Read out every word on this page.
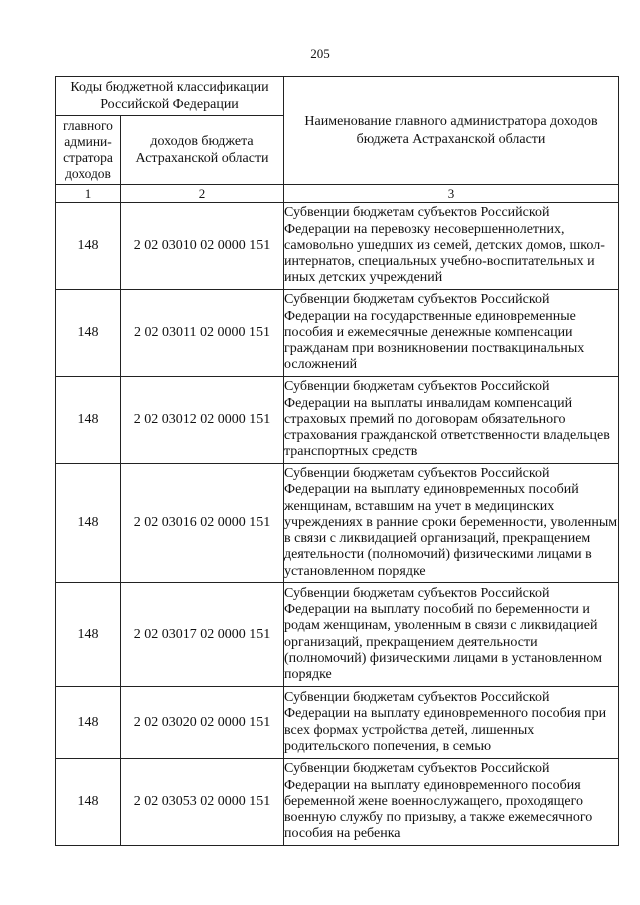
205
Коды бюджетной классификации Российской Федерации		Наименование главного администратора доходов бюджета Астраханской области
главного админи- стратора доходов	доходов бюджета Астраханской области	
1	2	3
148	2 02 03010 02 0000 151	Субвенции бюджетам субъектов Российской Федерации на перевозку несовершеннолетних, самовольно ушедших из семей, детских домов, школ-интернатов, специальных учебно-воспитательных и иных детских учреждений
148	2 02 03011 02 0000 151	Субвенции бюджетам субъектов Российской Федерации на государственные единовременные пособия и ежемесячные денежные компенсации гражданам при возникновении поствакцинальных осложнений
148	2 02 03012 02 0000 151	Субвенции бюджетам субъектов Российской Федерации на выплаты инвалидам компенсаций страховых премий по договорам обязательного страхования гражданской ответственности владельцев транспортных средств
148	2 02 03016 02 0000 151	Субвенции бюджетам субъектов Российской Федерации на выплату единовременных пособий женщинам, вставшим на учет в медицинских учреждениях в ранние сроки беременности, уволенным в связи с ликвидацией организаций, прекращением деятельности (полномочий) физическими лицами в установленном порядке
148	2 02 03017 02 0000 151	Субвенции бюджетам субъектов Российской Федерации на выплату пособий по беременности и родам женщинам, уволенным в связи с ликвидацией организаций, прекращением деятельности (полномочий) физическими лицами в установленном порядке
148	2 02 03020 02 0000 151	Субвенции бюджетам субъектов Российской Федерации на выплату единовременного пособия при всех формах устройства детей, лишенных родительского попечения, в семью
148	2 02 03053 02 0000 151	Субвенции бюджетам субъектов Российской Федерации на выплату единовременного пособия беременной жене военнослужащего, проходящего военную службу по призыву, а также ежемесячного пособия на ребенка
